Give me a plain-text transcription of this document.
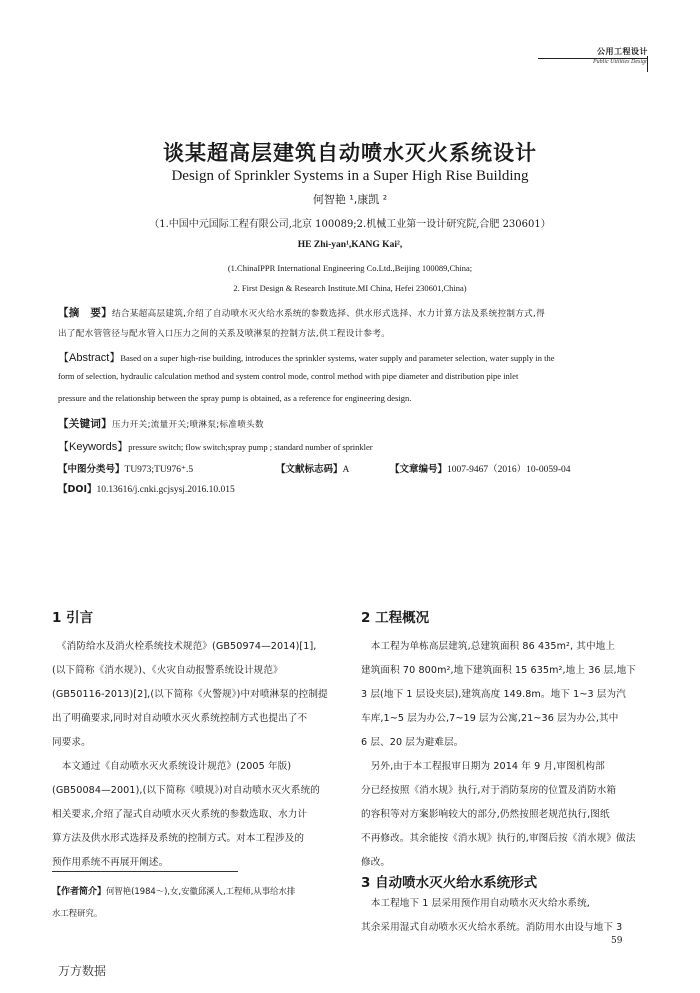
公用工程设计
Public Utilities Design
谈某超高层建筑自动喷水灭火系统设计
Design of Sprinkler Systems in a Super High Rise Building
何智艳 ¹,康凯 ²
（1.中国中元国际工程有限公司,北京 100089;2.机械工业第一设计研究院,合肥 230601）
HE Zhi-yan¹,KANG Kai²,
(1.ChinaIPPR International Engineering Co.Ltd.,Beijing 100089,China;
2. First Design & Research Institute.MI China, Hefei 230601,China)
【摘　要】结合某超高层建筑,介绍了自动喷水灭火给水系统的参数选择、供水形式选择、水力计算方法及系统控制方式,得
出了配水管管径与配水管入口压力之间的关系及喷淋泵的控制方法,供工程设计参考。
【Abstract】Based on a super high-rise building, introduces the sprinkler systems, water supply and parameter selection, water supply in the
form of selection, hydraulic calculation method and system control mode, control method with pipe diameter and distribution pipe inlet
pressure and the relationship between the spray pump is obtained, as a reference for engineering design.
【关键词】压力开关;流量开关;喷淋泵;标准喷头数
【Keywords】pressure switch; flow switch;spray pump ; standard number of sprinkler
【中图分类号】TU973;TU976⁺.5	【文献标志码】A	【文章编号】1007-9467（2016）10-0059-04
【DOI】10.13616/j.cnki.gcjsysj.2016.10.015
1 引言	2 工程概况
　《消防给水及消火栓系统技术规范》(GB50974—2014)[1],
(以下简称《消水规》)、《火灾自动报警系统设计规范》
(GB50116-2013)[2],(以下简称《火警规》)中对喷淋泵的控制提
出了明确要求,同时对自动喷水灭火系统控制方式也提出了不
同要求。
　本文通过《自动喷水灭火系统设计规范》(2005 年版)
(GB50084—2001),(以下简称《喷规》)对自动喷水灭火系统的
相关要求,介绍了湿式自动喷水灭火系统的参数选取、水力计
算方法及供水形式选择及系统的控制方式。对本工程涉及的
预作用系统不再展开阐述。
　本工程为单栋高层建筑,总建筑面积 86 435m², 其中地上
建筑面积 70 800m²,地下建筑面积 15 635m²,地上 36 层,地下
3 层(地下 1 层设夹层),建筑高度 149.8m。地下 1~3 层为汽
车库,1~5 层为办公,7~19 层为公寓,21~36 层为办公,其中
6 层、20 层为避难层。
　另外,由于本工程报审日期为 2014 年 9 月,审图机构部
分已经按照《消水规》执行,对于消防泵房的位置及消防水箱
的容积等对方案影响较大的部分,仍然按照老规范执行,图纸
不再修改。其余能按《消水规》执行的,审图后按《消水规》做法
修改。
3 自动喷水灭火给水系统形式
　本工程地下 1 层采用预作用自动喷水灭火给水系统,
其余采用湿式自动喷水灭火给水系统。消防用水由设与地下 3
【作者简介】何智艳(1984～),女,安徽邱溪人,工程师,从事给水排
水工程研究。
59
万方数据
